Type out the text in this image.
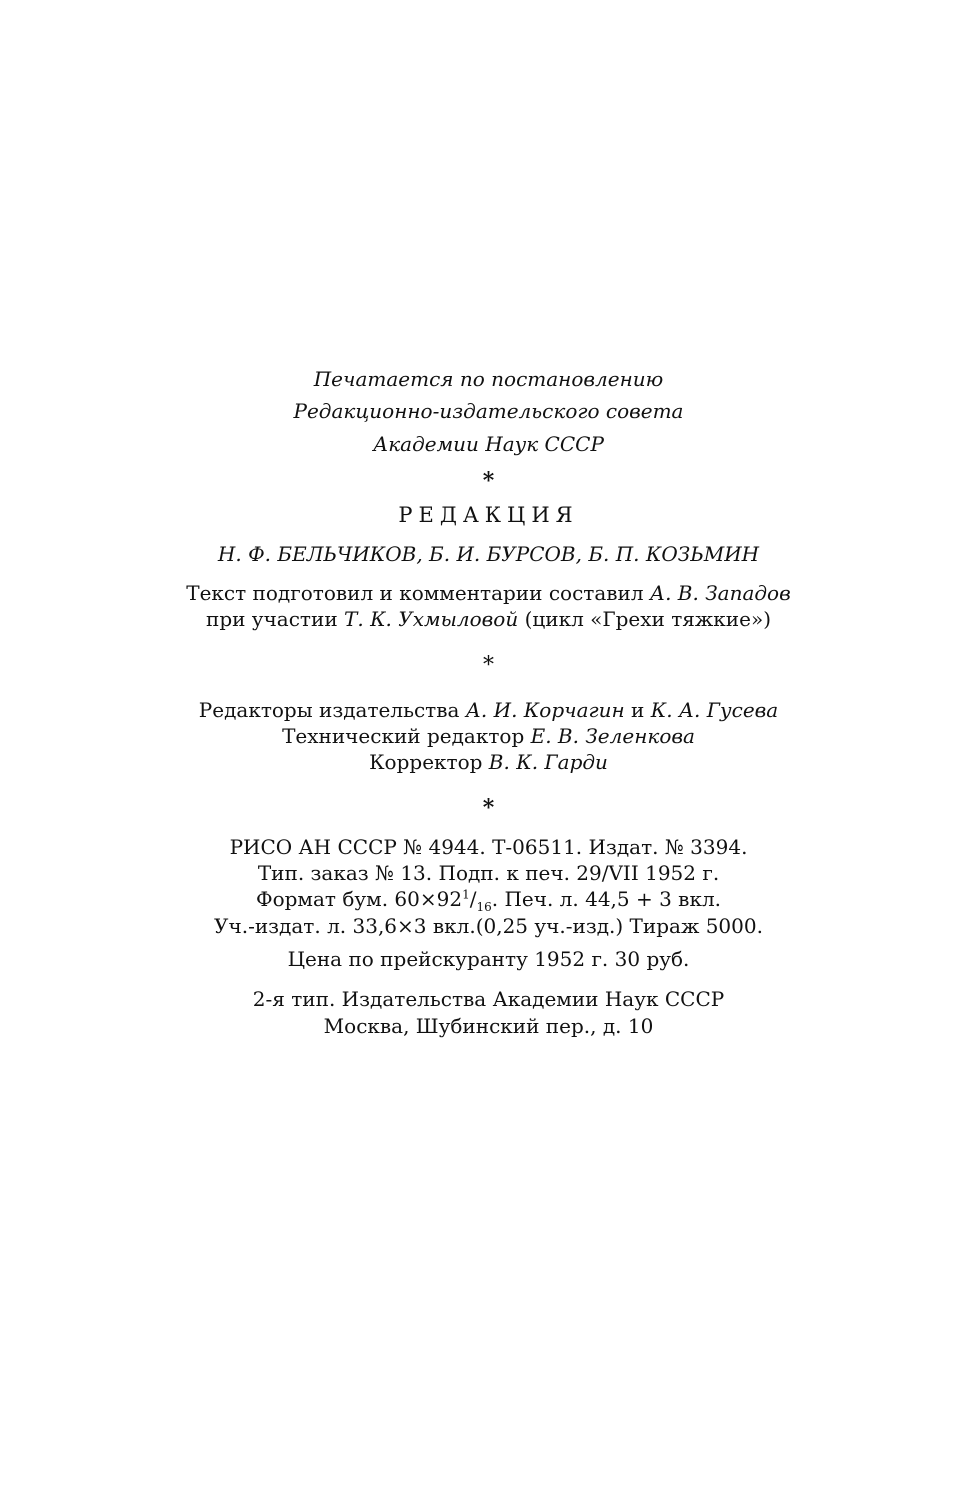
Печатается по постановлению
Редакционно-издательского совета
Академии Наук СССР
*
РЕДАКЦИЯ
Н. Ф. БЕЛЬЧИКОВ, Б. И. БУРСОВ, Б. П. КОЗЬМИН
Текст подготовил и комментарии составил А. В. Западов
при участии Т. К. Ухмыловой (цикл «Грехи тяжкие»)
*
Редакторы издательства А. И. Корчагин и К. А. Гусева
Технический редактор Е. В. Зеленкова
Корректор В. К. Гарди
*
РИСО АН СССР № 4944. Т-06511. Издат. № 3394.
Тип. заказ № 13. Подп. к печ. 29/VII 1952 г.
Формат бум. $60\times 92^1/_{16}$. Печ. л. 44,5 + 3 вкл.
Уч.-издат. л. 33,6×3 вкл.(0,25 уч.-изд.) Тираж 5000.
Цена по прейскуранту 1952 г. 30 руб.
2-я тип. Издательства Академии Наук СССР
Москва, Шубинский пер., д. 10
